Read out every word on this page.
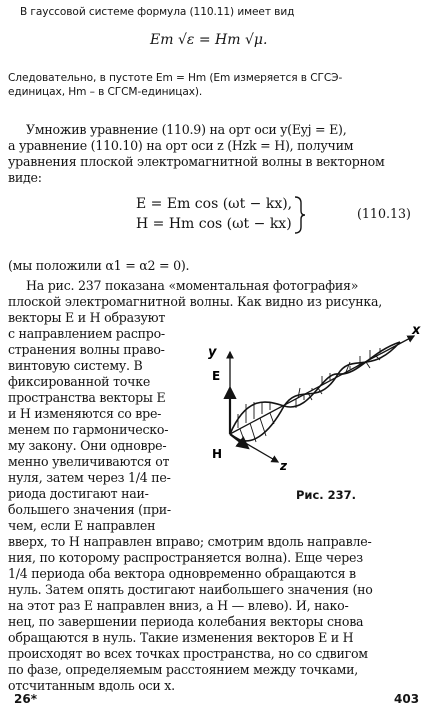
В гауссовой системе формула (110.11) имеет вид
Em √ε = Hm √μ.
Следовательно, в пустоте Em = Hm (Em измеряется в СГСЭ-
единицах, Hm – в СГСМ-единицах).
Умножив уравнение (110.9) на орт оси y(Eyj = E),
а уравнение (110.10) на орт оси z (Hzk = H), получим
уравнения плоской электромагнитной волны в векторном
виде:
E = Em cos (ωt − kx),
H = Hm cos (ωt − kx)
(110.13)
(мы положили α1 = α2 = 0).
На рис. 237 показана «моментальная фотография»
плоской электромагнитной волны. Как видно из рисунка,
векторы E и H образуют
с направлением распро-
странения волны право-
винтовую систему. В
фиксированной точке
пространства векторы E
и H изменяются со вре-
менем по гармоническо-
му закону. Они одновре-
менно увеличиваются от
нуля, затем через 1/4 пе-
риода достигают наи-
большего значения (при-
чем, если E направлен
y
E
H
z
x
Рис. 237.
вверх, то H направлен вправо; смотрим вдоль направле-
ния, по которому распространяется волна). Еще через
1/4 периода оба вектора одновременно обращаются в
нуль. Затем опять достигают наибольшего значения (но
на этот раз E направлен вниз, а H — влево). И, нако-
нец, по завершении периода колебания векторы снова
обращаются в нуль. Такие изменения векторов E и H
происходят во всех точках пространства, но со сдвигом
по фазе, определяемым расстоянием между точками,
отсчитанным вдоль оси x.
26*	403
